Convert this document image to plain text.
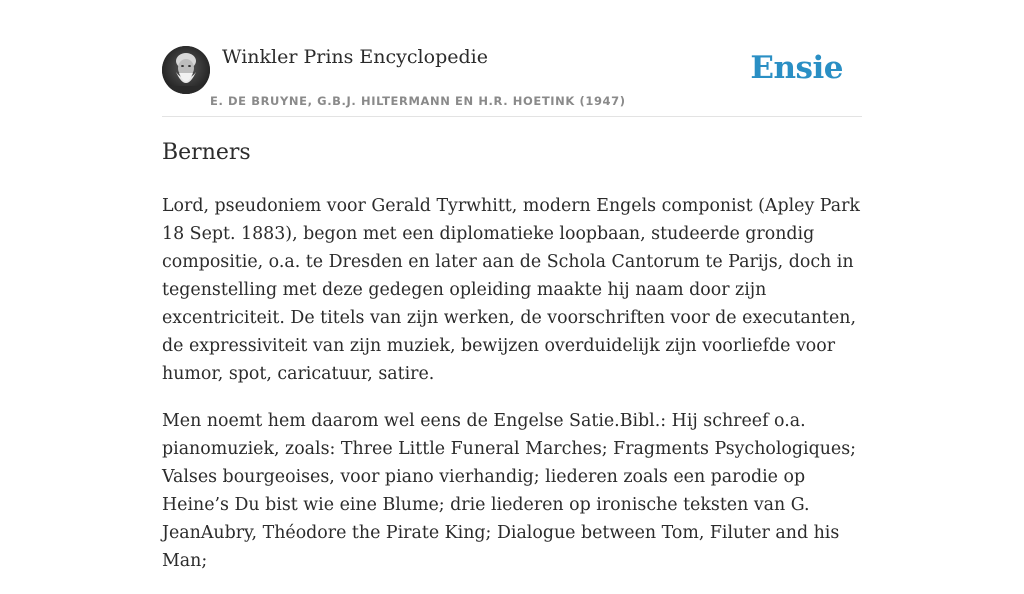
Winkler Prins Encyclopedie
E. DE BRUYNE, G.B.J. HILTERMANN EN H.R. HOETINK (1947)
Ensie
Berners

Lord, pseudoniem voor Gerald Tyrwhitt, modern Engels componist (Apley Park 18 Sept. 1883), begon met een diplomatieke loopbaan, studeerde grondig compositie, o.a. te Dresden en later aan de Schola Cantorum te Parijs, doch in tegenstelling met deze gedegen opleiding maakte hij naam door zijn excentriciteit. De titels van zijn werken, de voorschriften voor de executanten, de expressiviteit van zijn muziek, bewijzen overduidelijk zijn voorliefde voor humor, spot, caricatuur, satire.

Men noemt hem daarom wel eens de Engelse Satie.Bibl.: Hij schreef o.a. pianomuziek, zoals: Three Little Funeral Marches; Fragments Psychologiques; Valses bourgeoises, voor piano vierhandig; liederen zoals een parodie op Heine’s Du bist wie eine Blume; drie liederen op ironische teksten van G. JeanAubry, Théodore the Pirate King; Dialogue between Tom, Filuter and his Man;
